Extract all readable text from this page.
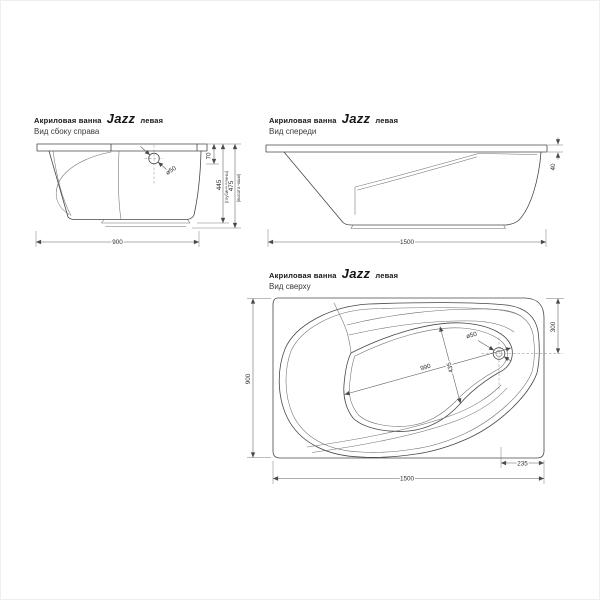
Акриловая ванна Jazz левая
Вид сбоку справа
Акриловая ванна Jazz левая
Вид спереди
Акриловая ванна Jazz левая
Вид сверху
ø50
900
70
445 (глубина ванны) 475 (высота чаши)
40
1500
ø50
990 435
900
300
235
1500
